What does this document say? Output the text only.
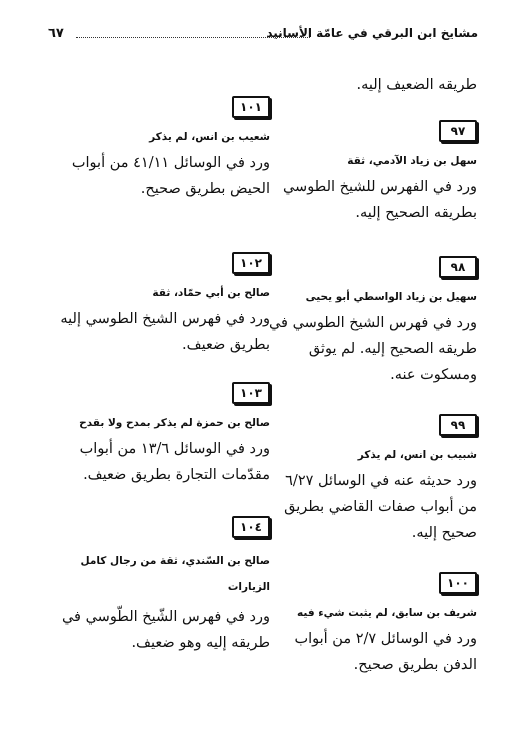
مشايخ ابن البرقي في عامّة الأسانيد
٦٧
طريقه الضعيف إليه.
١٠١
شعيب بن انس، لم يذكر
ورد في الوسائل ٤١/١١ من أبواب
الحيض بطريق صحيح.
١٠٢
صالح بن أبي حمّاد، ثقة
ورد في فهرس الشيخ الطوسي إليه
بطريق ضعيف.
١٠٣
صالح بن حمزة لم يذكر بمدح ولا بقدح
ورد في الوسائل ١٣/٦ من أبواب
مقدّمات التجارة بطريق ضعيف.
١٠٤
صالح بن السّندي، ثقة من رجال كامل الزيارات
ورد في فهرس الشّيخ الطّوسي في
طريقه إليه وهو ضعيف.
٩٧
سهل بن زياد الآدمي، ثقة
ورد في الفهرس للشيخ الطوسي
بطريقه الصحيح إليه.
٩٨
سهيل بن زياد الواسطي أبو يحيى
ورد في فهرس الشيخ الطوسي في
طريقه الصحيح إليه. لم يوثق
ومسكوت عنه.
٩٩
شبيب بن انس، لم يذكر
ورد حديثه عنه في الوسائل ٦/٢٧
من أبواب صفات القاضي بطريق
صحيح إليه.
١٠٠
شريف بن سابق، لم يثبت شيء فيه
ورد في الوسائل ٢/٧ من أبواب
الدفن بطريق صحيح.
